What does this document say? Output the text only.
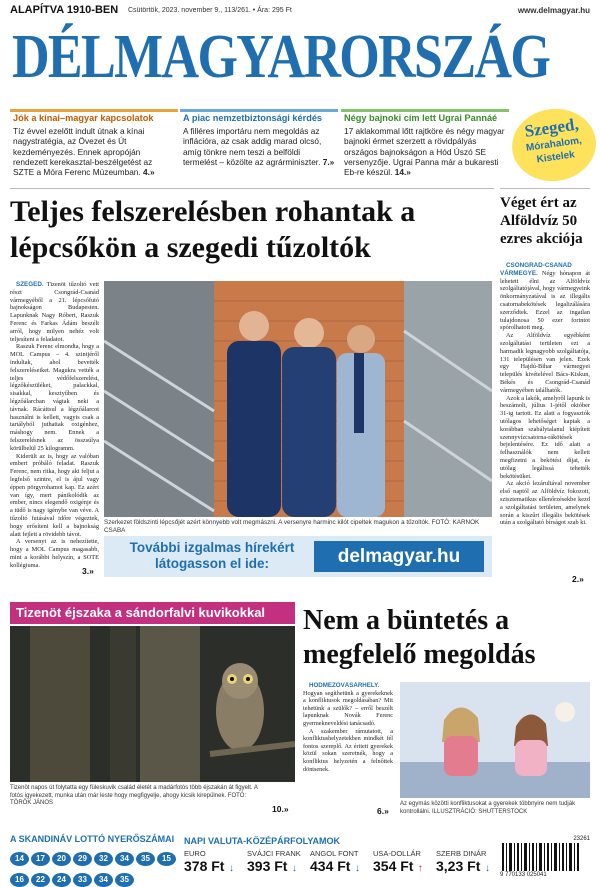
ALAPÍTVA 1910-BEN Csütörtök, 2023. november 9., 113/261. • Ára: 295 Ft	www.delmagyar.hu
DÉLMAGYARORSZÁG
Jók a kínai–magyar kapcsolatok
Tíz évvel ezelőtt indult útnak a kínai nagystratégia, az Övezet és Út kezdeményezés. Ennek apropóján rendezett kerekasztal-beszélgetést az SZTE a Móra Ferenc Múzeumban. 4.»
A piac nemzetbiztonsági kérdés
A filléres importáru nem megoldás az inflációra, az csak addig marad olcsó, amíg tönkre nem teszi a belföldi termelést – közölte az agrárminiszter. 7.»
Négy bajnoki cím lett Ugrai Pannáé
17 aklakommal lőtt rajtköre és négy magyar bajnoki érmet szerzett a rövidpályás országos bajnokságon a Hód Úszó SE versenyzője. Ugrai Panna már a bukaresti Eb-re készül. 14.»
Szeged,
Mórahalom,
Kistelek
Teljes felszerelésben rohantak a lépcsőkön a szegedi tűzoltók

SZEGED. Tizenöt tűzoltó vett részt Csongrád-Csanád vármegyéből a 21. lépcsőfutó bajnokságon Budapesten. Lapunknak Nagy Róbert, Raszuk Ferenc és Farkas Ádám beszélt arról, hogy milyen nehéz volt teljesíteni a feladatot.

Raszuk Ferenc elmondta, hogy a MOL Campus – 4. szintjéről indultak, ahol bevették felszereléseiket. Magukra vették a teljes védőfelszerelést, légzőkészüléket, palackkal, sisakkal, kesztyűben és légzőálarcban vágtak neki a távnak. Rácáttsul a légzőálarcot használni is kellett, vagyis csak a tartályból juthattak oxigénhez, máshogy nem. Ennek a felszerelésnek az összsúlya körülbelül 25 kilogramm.

Kiderült az is, hogy az valóban embert próbáló feladat. Raszuk Ferenc, nem ritka, hogy aki feljut a legfelső szintre, el is ájul vagy éppen pörgyrohamot kap. Ez azért van így, mert pánikolódik az ember, nincs elegendő oxigénje és a tüdő is nagy igénybe van véve. A tűzoltó futásával időre végeztek, hogy erősíteni kell a bajnokság alatt fejlett a rövidebb távot.

A versenyt az is nehezítette, hogy a MOL Campus magasabb, mint a korábbi helyszín, a SOTE kollégiuma.

3.»
Szerkezet földszinti lépcsőjét azért könnyebb volt megmászni. A versenyre harminc kilót cipeltek magukon a tűzoltók. FOTÓ: KARNOK CSABA
További izgalmas hírekért
látogasson el ide:	delmagyar.hu
Véget ért az Alföldvíz 50 ezres akciója

CSONGRÁD-CSANÁD VÁRMEGYE. Négy hónapon át lehetett élni az Alföldvíz szolgáltatójával, hogy vármegyeink önkormányzatával is az illegális csatornabekötések legalizálására szerződtek. Ezzel az ingatlan tulajdonosa 50 ezer forintot spórolhatott meg.

Az Alföldvíz egyébként szolgáltatási területen ezt a harmadik legnagyobb szolgáltatója, 131 településen van jelen. Ezek egy Hajdú-Bihar vármegyei település kivételével Bács-Kiskun, Békés és Csongrád-Csanád vármegyében találhatók.

Azok a lakók, amelyről lapunk is beszámolt, július 1-jétől október 31-ig tartott. Ez alatt a fogyasztók utólagos lehetőséget kaptak a korábban szabálytalanul kiépített szennyvízcsatorna-rákötések bejelentésére. Ez idő alatt a felhasználók nem kellett megfizetni a bekötési díjat, és utólag legálissá tehették bekötésüket.

Az akció lezárultával november első naptól az Alföldvíz fokozott, szisztematikus ellenőrzésekbe kezd a szolgáltatási területen, amelynek során a kiszűrt illegális bekötések után a szolgáltató bírságot szab ki.

2.»
Tizenöt éjszaka a sándorfalvi kuvikokkal
Tizenöt napos út folytatta egy füleskuvik család életét a madárfotós több éjszakán át figyelt. A fotós igyekezett, munka után már leste hogy megfigyelje, ahogy kicsik kirepülnek. FOTÓ: TÖRÖK JÁNOS
10.»
Nem a büntetés a megfelelő megoldás

HÓDMEZŐVÁSÁRHELY. Hogyan segíthetünk a gyerekeknek a konfliktusok megoldásában? Mit tehetünk a szülők? – erről beszélt lapunknak Novák Ferenc gyermekneveldési tanácsadó.

A szakember rámutatott, a konfliktushelyzetekben mindkét fél fontos szereplő. Az éritett gyerekek közül sokan szeretnék, hogy a konfliktus helyzetén a felnőttek döntsenek.

6.»
Az egymás közötti konfliktusokat a gyerekek többnyire nem tudják kontrollálni. ILLUSZTRÁCIÓ: SHUTTERSTOCK
A SKANDINÁV LOTTÓ NYERŐSZÁMAI
14 17 20 29 32 34 35 1516 22 24 33 34 35
NAPI VALUTA-KÖZÉPÁRFOLYAMOK
EURO
378 Ft ↓
SVÁJCI FRANK
393 Ft ↓
ANGOL FONT
434 Ft ↓
USA-DOLLÁR
354 Ft ↑
SZERB DINÁR
3,23 Ft ↓
23261
9 770133 025041
